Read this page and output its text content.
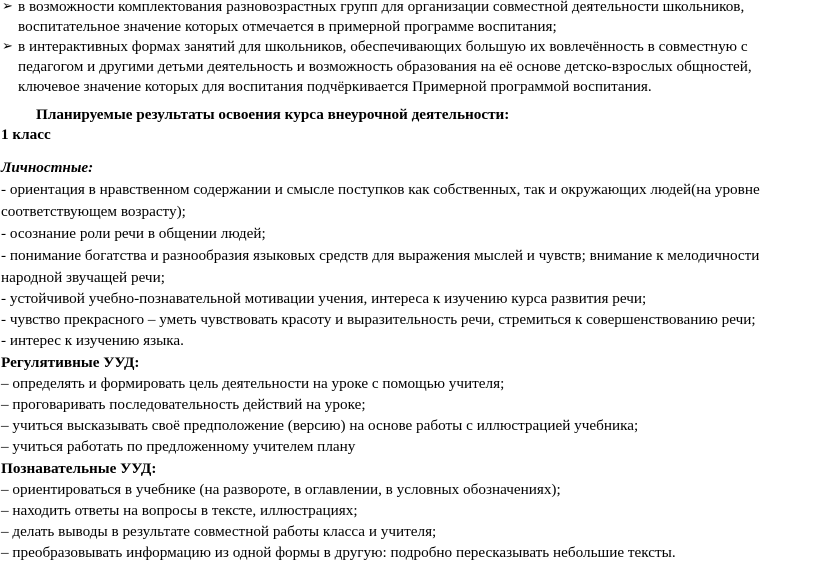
➢ в возможности комплектования разновозрастных групп для организации совместной деятельности школьников,
воспитательное значение которых отмечается в примерной программе воспитания;
➢ в интерактивных формах занятий для школьников, обеспечивающих большую их вовлечённость в совместную с
педагогом и другими детьми деятельность и возможность образования на её основе детско-взрослых общностей,
ключевое значение которых для воспитания подчёркивается Примерной программой воспитания.
Планируемые результаты освоения курса внеурочной деятельности:
1 класс
Личностные:
- ориентация в нравственном содержании и смысле поступков как собственных, так и окружающих людей(на уровне
соответствующем возрасту);
- осознание роли речи в общении людей;
- понимание богатства и разнообразия языковых средств для выражения мыслей и чувств; внимание к мелодичности
народной звучащей речи;
- устойчивой учебно-познавательной мотивации учения, интереса к изучению курса развития речи;
- чувство прекрасного – уметь чувствовать красоту и выразительность речи, стремиться к совершенствованию речи;
- интерес к изучению языка.
Регулятивные УУД:
– определять и формировать цель деятельности на уроке с помощью учителя;
– проговаривать последовательность действий на уроке;
– учиться высказывать своё предположение (версию) на основе работы с иллюстрацией учебника;
– учиться работать по предложенному учителем плану
Познавательные УУД:
– ориентироваться в учебнике (на развороте, в оглавлении, в условных обозначениях);
– находить ответы на вопросы в тексте, иллюстрациях;
– делать выводы в результате совместной работы класса и учителя;
– преобразовывать информацию из одной формы в другую: подробно пересказывать небольшие тексты.
